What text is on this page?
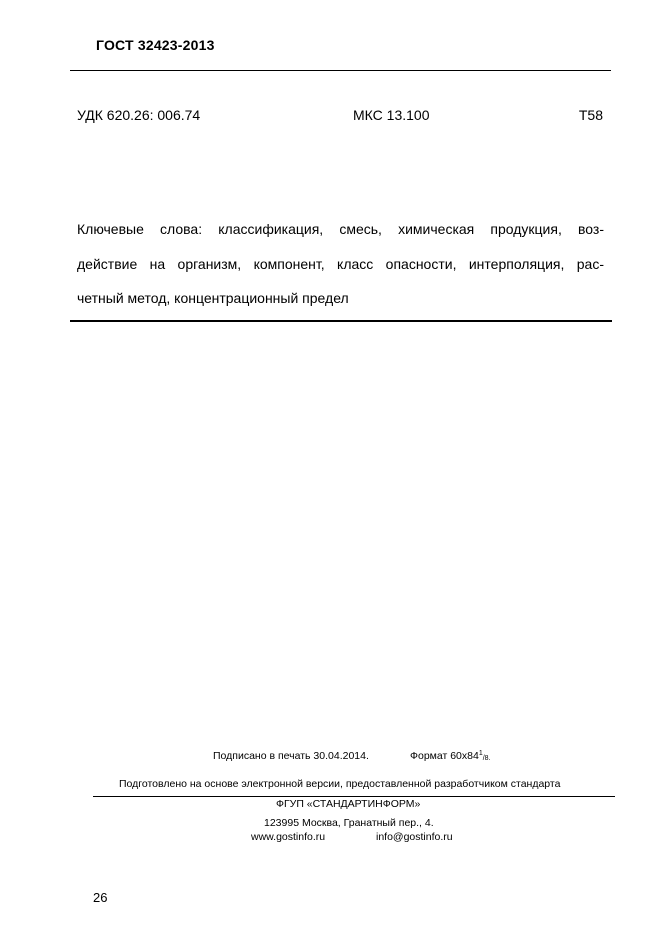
ГОСТ 32423-2013
УДК 620.26: 006.74	МКС 13.100	Т58
Ключевые слова: классификация, смесь, химическая продукция, воз-
действие на организм, компонент, класс опасности, интерполяция, рас-
четный метод, концентрационный предел
Подписано в печать 30.04.2014.	Формат $60x84^1_{/8.}$
Подготовлено на основе электронной версии, предоставленной разработчиком стандарта
ФГУП «СТАНДАРТИНФОРМ»
123995 Москва, Гранатный пер., 4.
www.gostinfo.ru	info@gostinfo.ru
26
